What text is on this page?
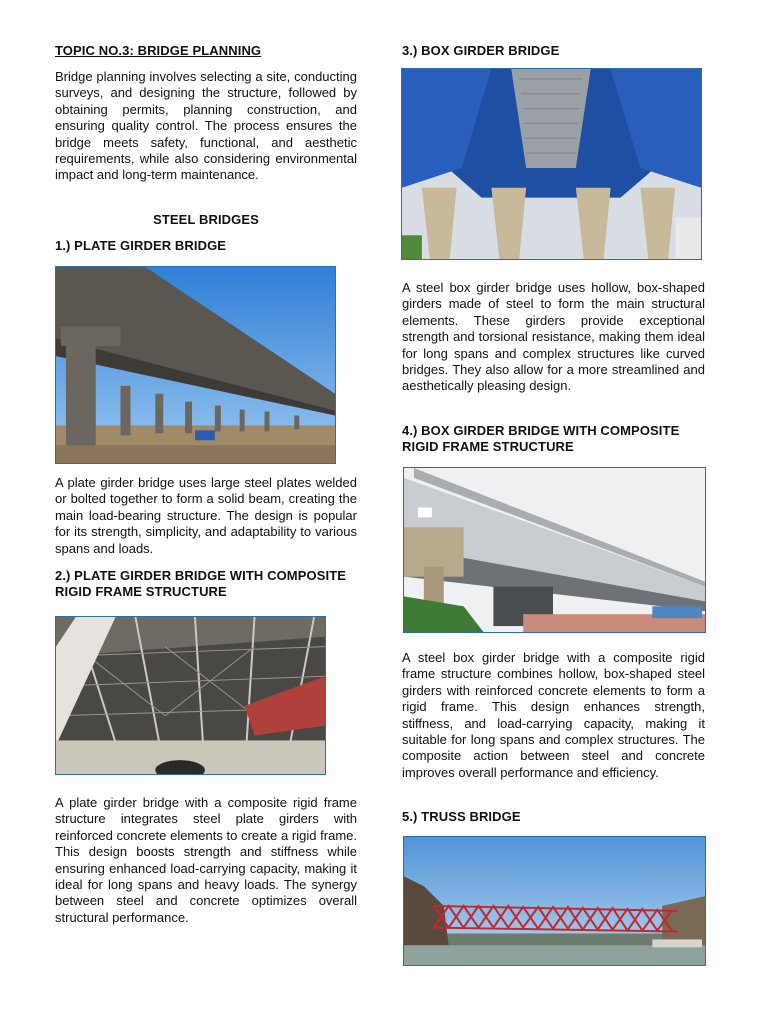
TOPIC NO.3: BRIDGE PLANNING

Bridge planning involves selecting a site, conducting surveys, and designing the structure, followed by obtaining permits, planning construction, and ensuring quality control. The process ensures the bridge meets safety, functional, and aesthetic requirements, while also considering environmental impact and long-term maintenance.

STEEL BRIDGES
1.) PLATE GIRDER BRIDGE

A plate girder bridge uses large steel plates welded or bolted together to form a solid beam, creating the main load-bearing structure. The design is popular for its strength, simplicity, and adaptability to various spans and loads.

2.) PLATE GIRDER BRIDGE WITH COMPOSITE RIGID FRAME STRUCTURE

A plate girder bridge with a composite rigid frame structure integrates steel plate girders with reinforced concrete elements to create a rigid frame. This design boosts strength and stiffness while ensuring enhanced load-carrying capacity, making it ideal for long spans and heavy loads. The synergy between steel and concrete optimizes overall structural performance.

3.) BOX GIRDER BRIDGE

A steel box girder bridge uses hollow, box-shaped girders made of steel to form the main structural elements. These girders provide exceptional strength and torsional resistance, making them ideal for long spans and complex structures like curved bridges. They also allow for a more streamlined and aesthetically pleasing design.

4.) BOX GIRDER BRIDGE WITH COMPOSITE RIGID FRAME STRUCTURE

A steel box girder bridge with a composite rigid frame structure combines hollow, box-shaped steel girders with reinforced concrete elements to form a rigid frame. This design enhances strength, stiffness, and load-carrying capacity, making it suitable for long spans and complex structures. The composite action between steel and concrete improves overall performance and efficiency.

5.) TRUSS BRIDGE
